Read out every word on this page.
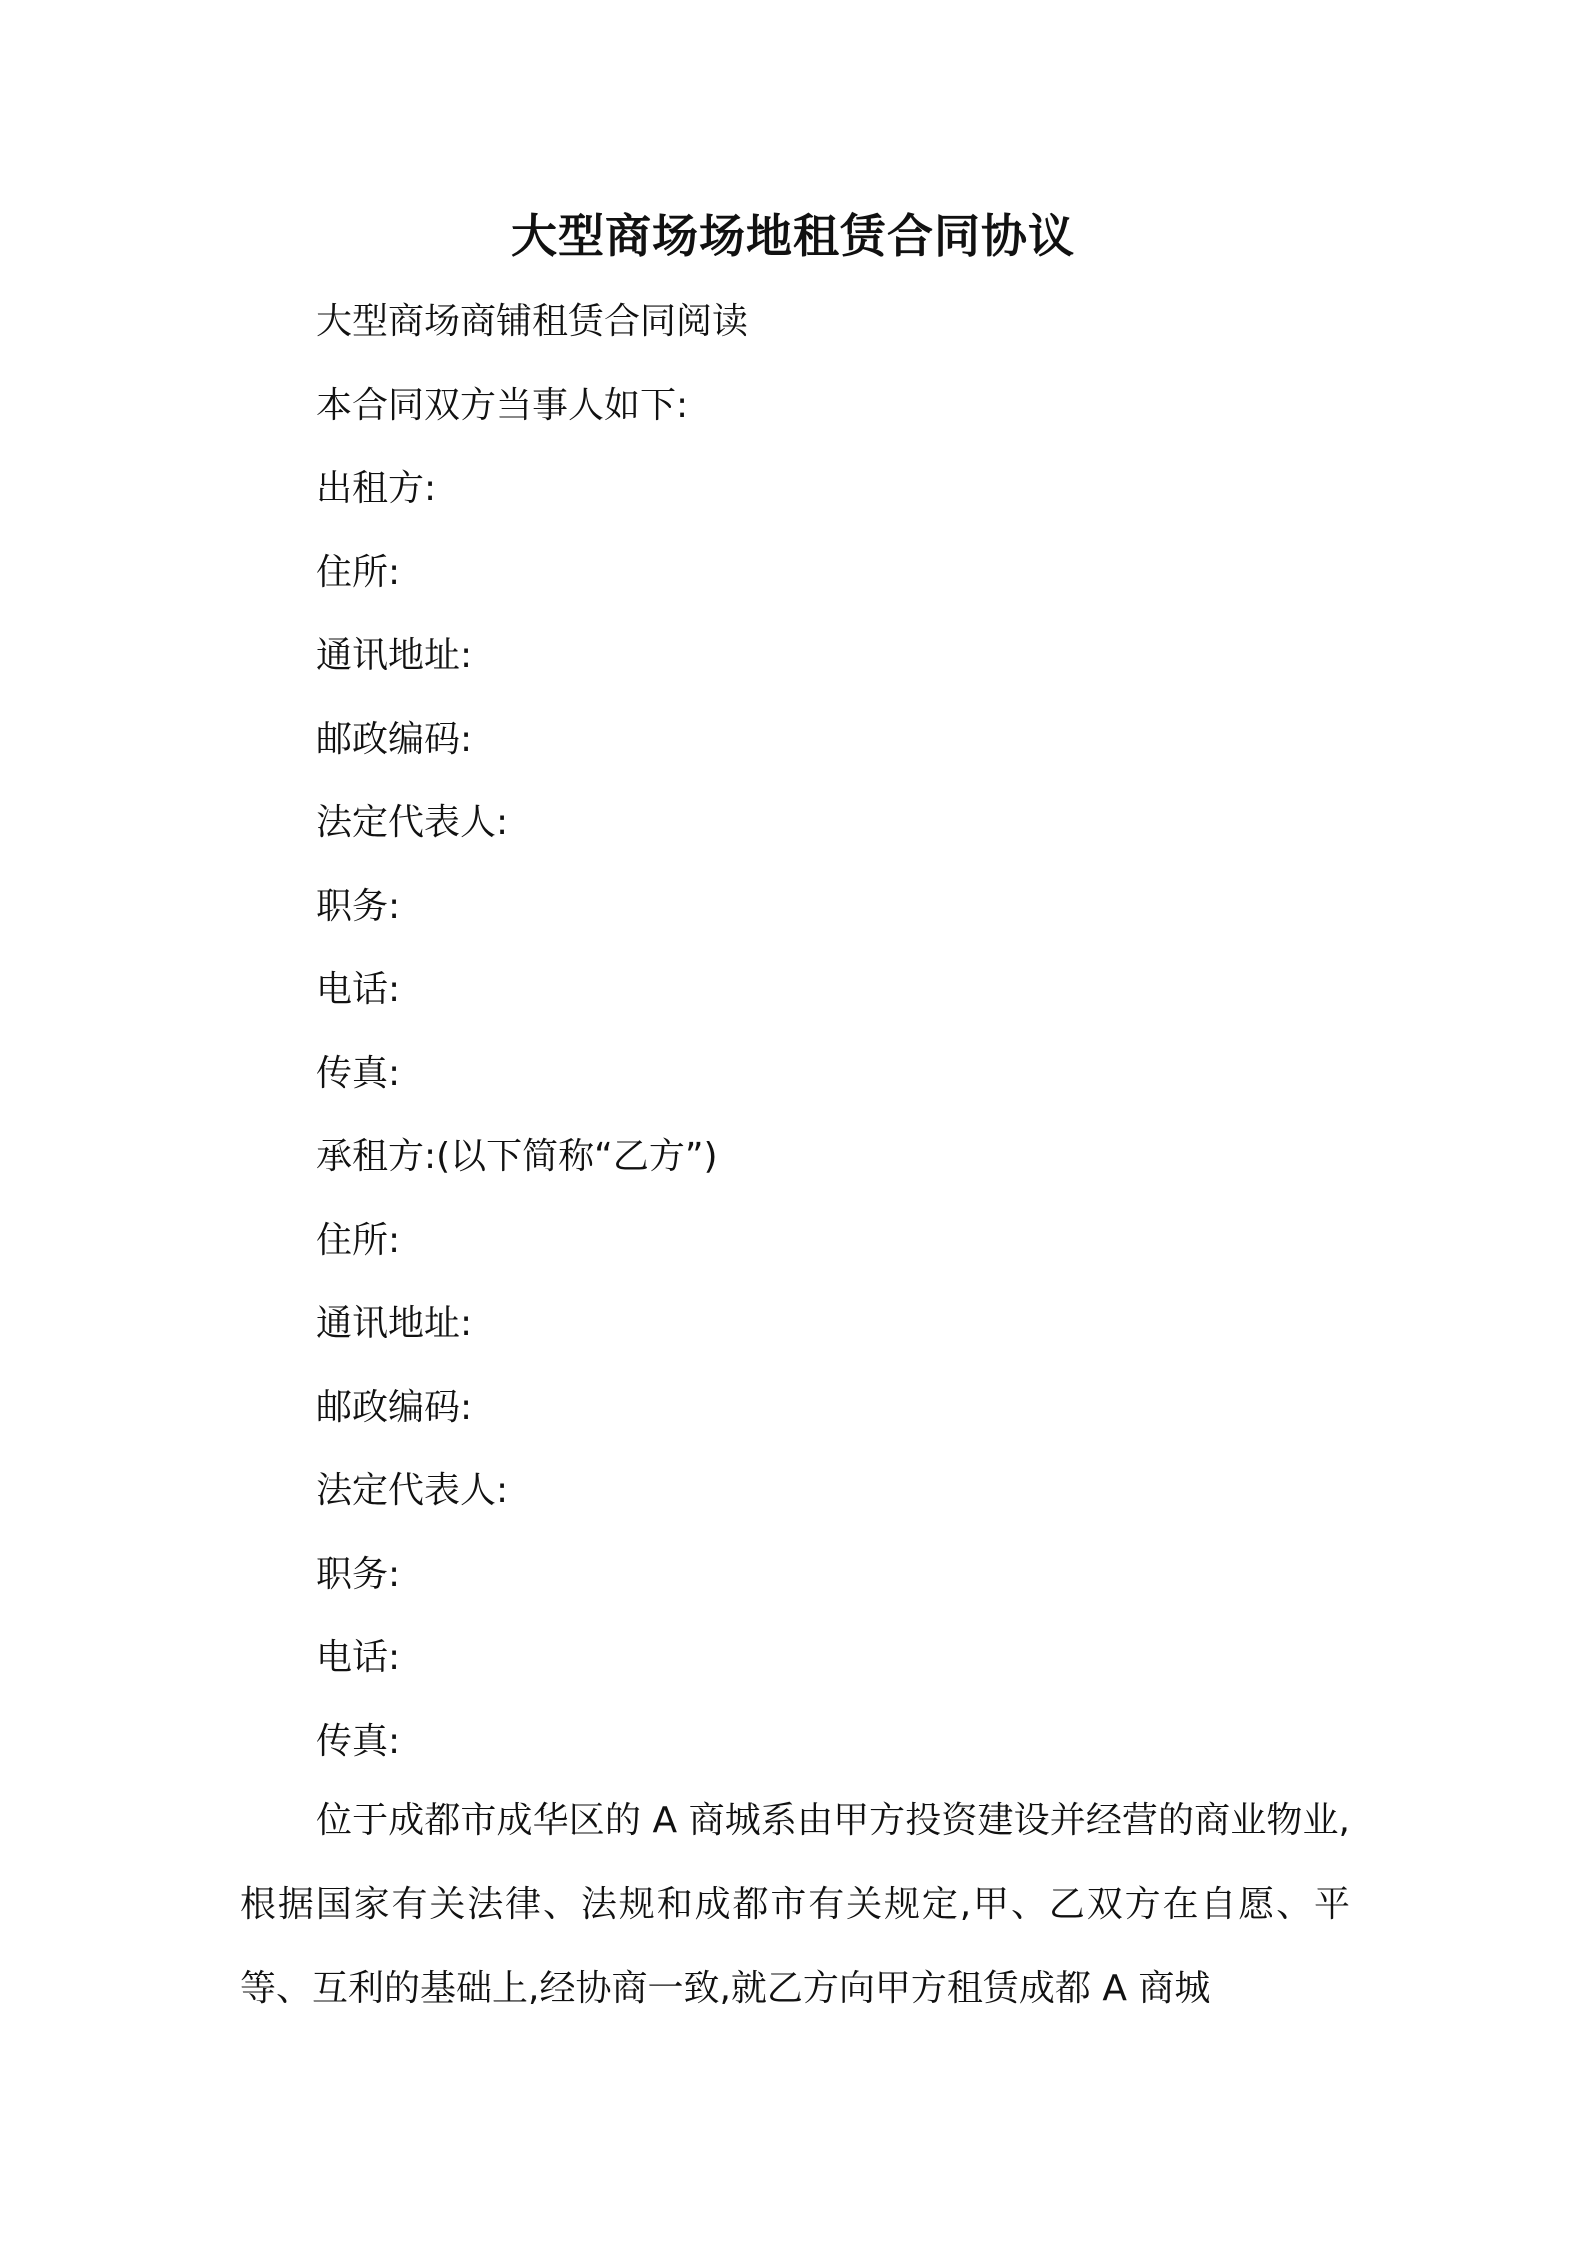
大型商场场地租赁合同协议
大型商场商铺租赁合同阅读
本合同双方当事人如下:
出租方:
住所:
通讯地址:
邮政编码:
法定代表人:
职务:
电话:
传真:
承租方:(以下简称“乙方”)
住所:
通讯地址:
邮政编码:
法定代表人:
职务:
电话:
传真:
位于成都市成华区的 A 商城系由甲方投资建设并经营的商业物业,根据国家有关法律、法规和成都市有关规定,甲、乙双方在自愿、平等、互利的基础上,经协商一致,就乙方向甲方租赁成都 A 商城
